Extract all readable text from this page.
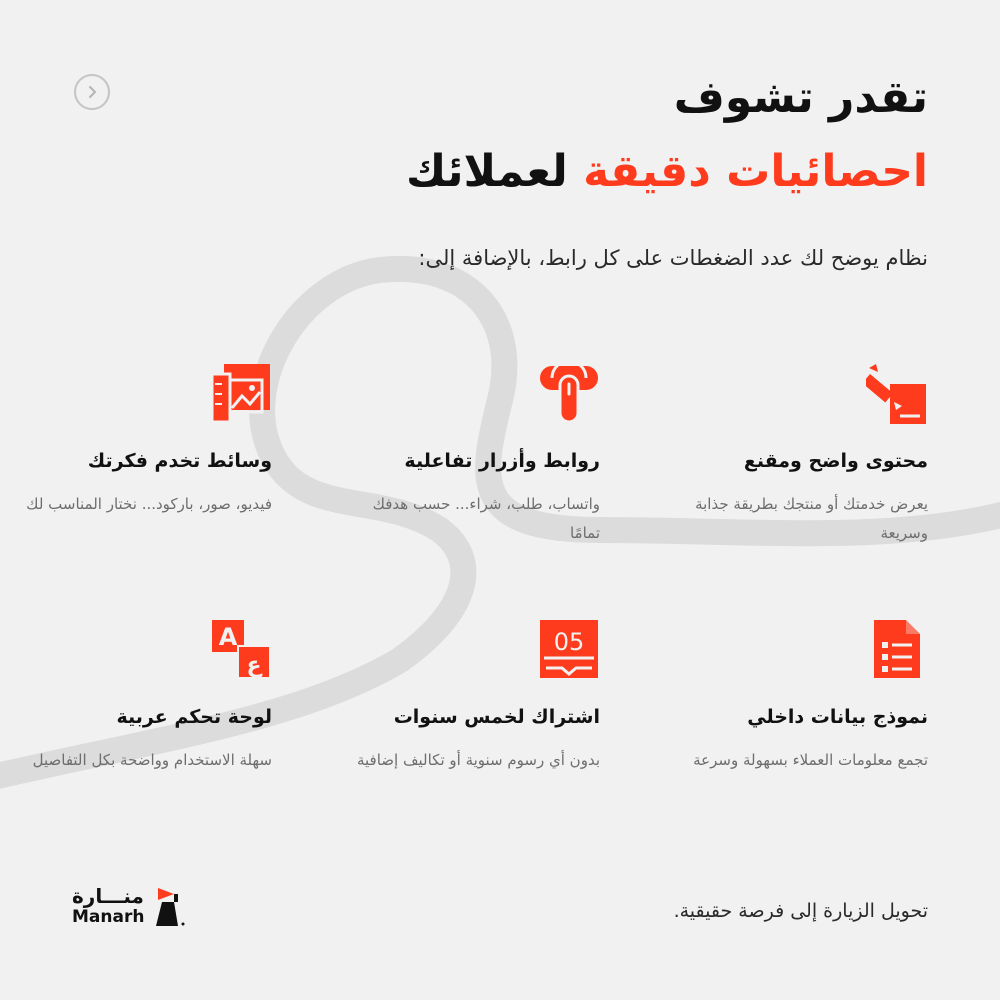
تقدر تشوف
احصائيات دقيقة لعملائك
نظام يوضح لك عدد الضغطات على كل رابط، بالإضافة إلى:
محتوى واضح ومقنع

يعرض خدمتك أو منتجك بطريقة جذابة وسريعة

روابط وأزرار تفاعلية

واتساب، طلب، شراء... حسب هدفك تمامًا

وسائط تخدم فكرتك

فيديو، صور، باركود... نختار المناسب لك

نموذج بيانات داخلي

تجمع معلومات العملاء بسهولة وسرعة

05
اشتراك لخمس سنوات

بدون أي رسوم سنوية أو تكاليف إضافية

A
ع
لوحة تحكم عربية

سهلة الاستخدام وواضحة بكل التفاصيل

تحويل الزيارة إلى فرصة حقيقية.
منـــارة
Manarh
